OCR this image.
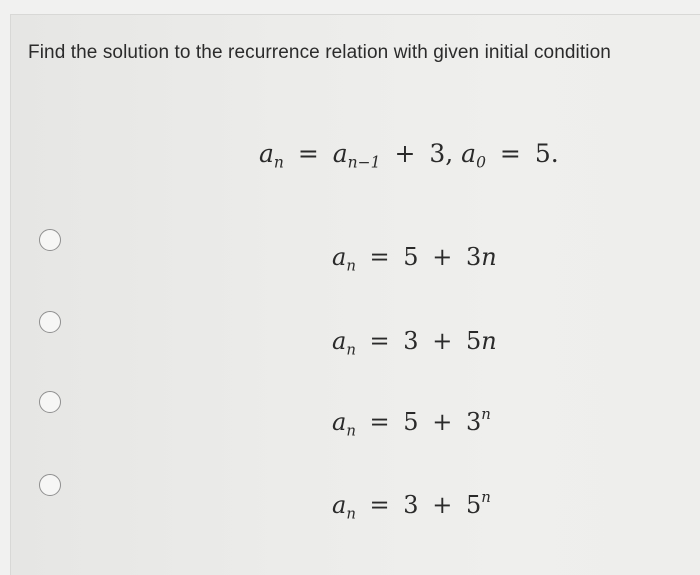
Find the solution to the recurrence relation with given initial condition
$a_n = a_{n-1} + 3$, $a_0 = 5$.
$a_n = 5 + 3n$
$a_n = 3 + 5n$
$a_n = 5 + 3^n$
$a_n = 3 + 5^n$
